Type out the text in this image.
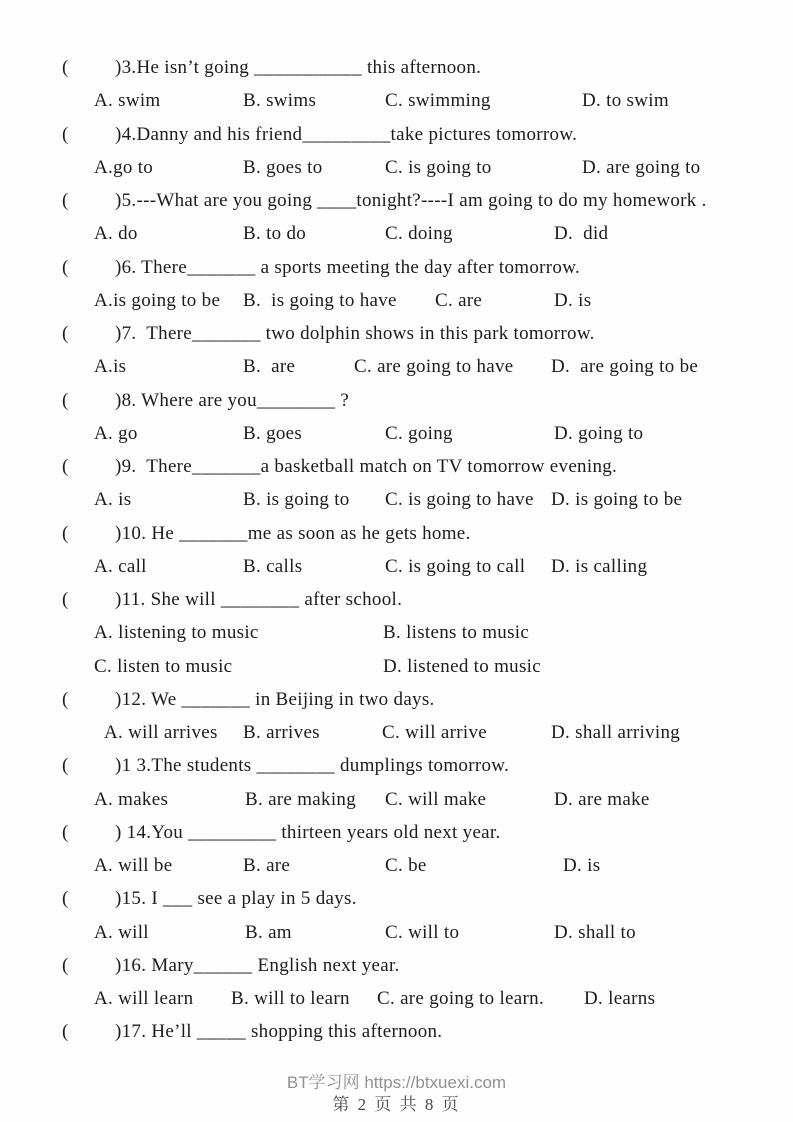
( )3.He isn’t going ___________ this afternoon.
A. swim	B. swims	C. swimming	D. to swim
( )4.Danny and his friend_________take pictures tomorrow.
A.go to	B. goes to	C. is going to	D. are going to
( )5.---What are you going ____tonight?----I am going to do my homework .
A. do	B. to do	C. doing	D.  did
( )6. There_______ a sports meeting the day after tomorrow.
A.is going to be B.  is going to have C. are	D. is
( )7.  There_______ two dolphin shows in this park tomorrow.
A.is	B.  are	C. are going to have D.  are going to be
( )8. Where are you________ ?
A. go	B. goes	C. going	D. going to
( )9.  There_______a basketball match on TV tomorrow evening.
A. is	B. is going to C. is going to have D. is going to be
( )10. He _______me as soon as he gets home.
A. call	B. calls	C. is going to call D. is calling
( )11. She will ________ after school.
A. listening to music	B. listens to music
C. listen to music	D. listened to music
( )12. We _______ in Beijing in two days.
A. will arrives B. arrives	C. will arrive	D. shall arriving
( )1 3.The students ________ dumplings tomorrow.
A. makes	B. are making C. will make	D. are make
( ) 14.You _________ thirteen years old next year.
A. will be	B. are	C. be	D. is
( )15. I ___ see a play in 5 days.
A. will	B. am	C. will to	D. shall to
( )16. Mary______ English next year.
A. will learn B. will to learn C. are going to learn. D. learns
( )17. He’ll _____ shopping this afternoon.
BT学习网 https://btxuexi.com
第 2 页 共 8 页
